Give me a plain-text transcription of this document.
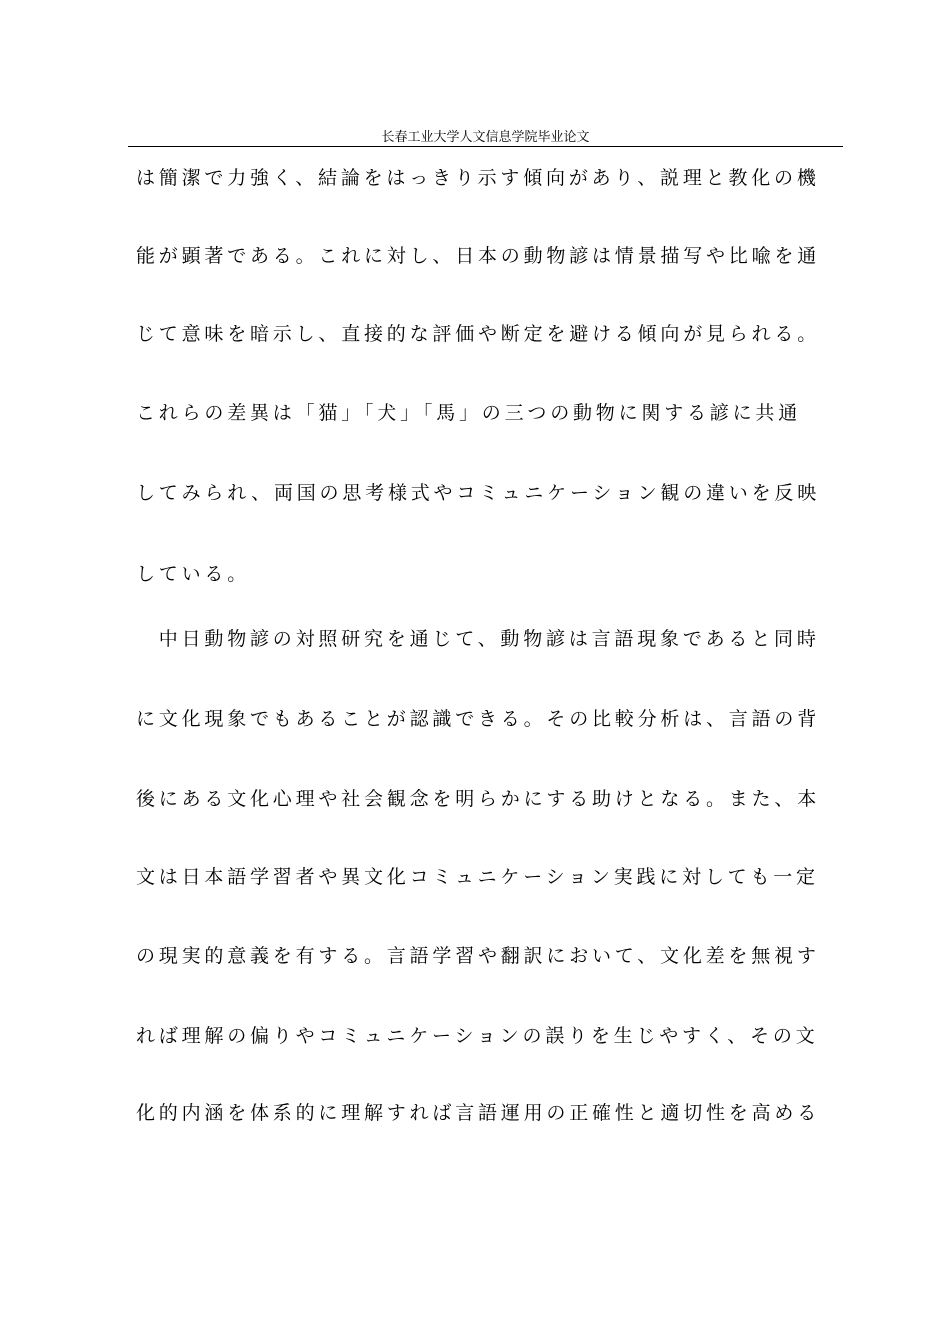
长春工业大学人文信息学院毕业论文
は簡潔で力強く、結論をはっきり示す傾向があり、説理と教化の機
能が顕著である。これに対し、日本の動物諺は情景描写や比喩を通
じて意味を暗示し、直接的な評価や断定を避ける傾向が見られる。
これらの差異は「猫」「犬」「馬」の三つの動物に関する諺に共通
してみられ、両国の思考様式やコミュニケーション観の違いを反映
している。
　中日動物諺の対照研究を通じて、動物諺は言語現象であると同時
に文化現象でもあることが認識できる。その比較分析は、言語の背
後にある文化心理や社会観念を明らかにする助けとなる。また、本
文は日本語学習者や異文化コミュニケーション実践に対しても一定
の現実的意義を有する。言語学習や翻訳において、文化差を無視す
れば理解の偏りやコミュニケーションの誤りを生じやすく、その文
化的内涵を体系的に理解すれば言語運用の正確性と適切性を高める
